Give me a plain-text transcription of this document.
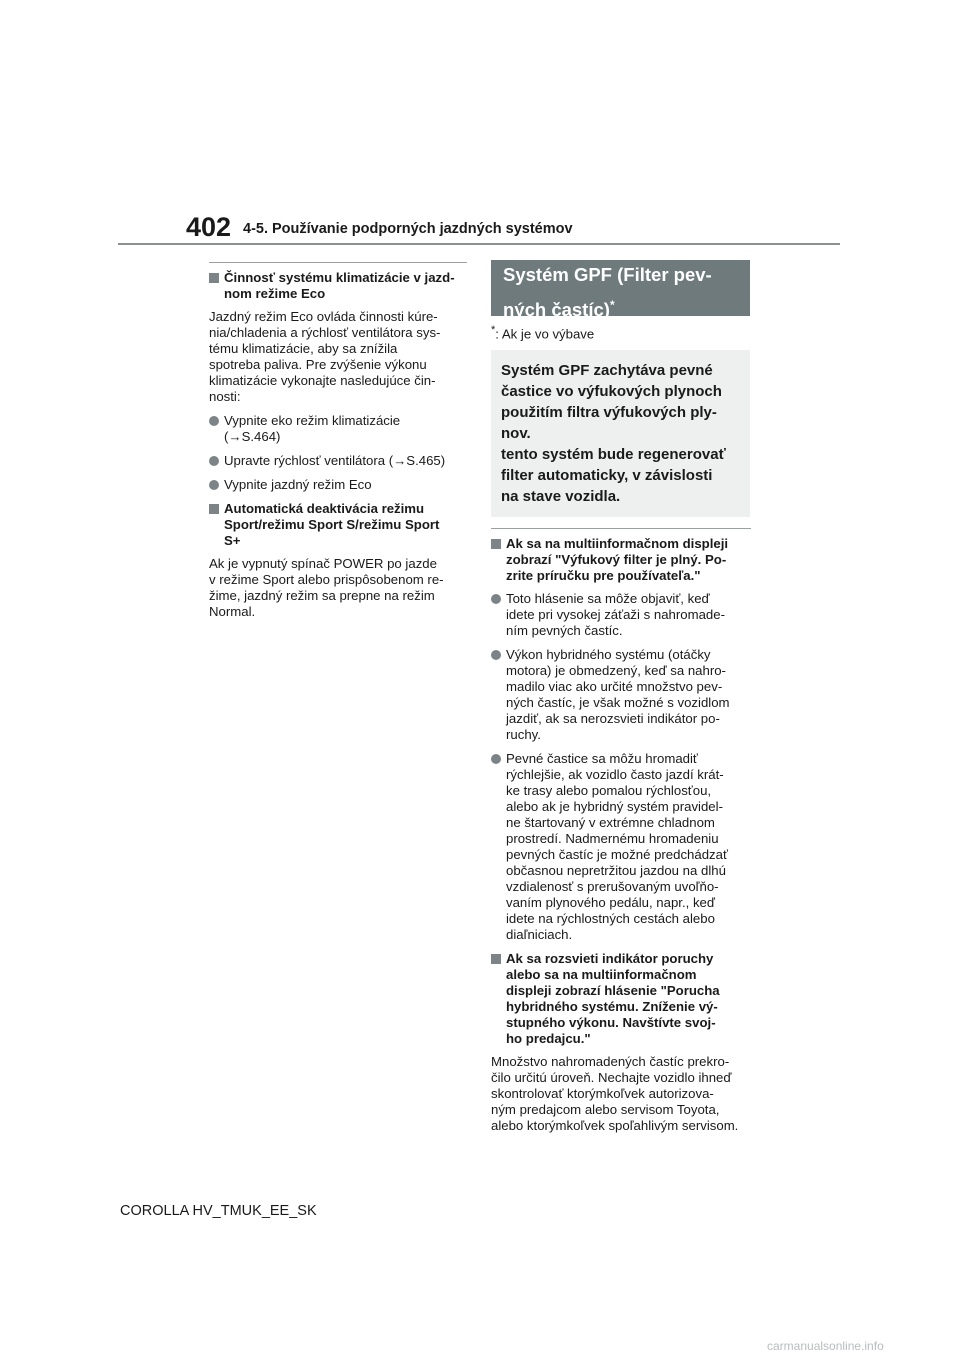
402 4-5. Používanie podporných jazdných systémov
Činnosť systému klimatizácie v jazd-
nom režime Eco

Jazdný režim Eco ovláda činnosti kúre-
nia/chladenia a rýchlosť ventilátora sys-
tému klimatizácie, aby sa znížila
spotreba paliva. Pre zvýšenie výkonu
klimatizácie vykonajte nasledujúce čin-
nosti:

Vypnite eko režim klimatizácie
(→S.464)
Upravte rýchlosť ventilátora (→S.465)
Vypnite jazdný režim Eco
Automatická deaktivácia režimu
Sport/režimu Sport S/režimu Sport
S+

Ak je vypnutý spínač POWER po jazde
v režime Sport alebo prispôsobenom re-
žime, jazdný režim sa prepne na režim
Normal.

Systém GPF (Filter pev-
ných častíc)*
*: Ak je vo výbave
Systém GPF zachytáva pevné
častice vo výfukových plynoch
použitím filtra výfukových ply-
nov.
tento systém bude regenerovať
filter automaticky, v závislosti
na stave vozidla.
Ak sa na multiinformačnom displeji
zobrazí "Výfukový filter je plný. Po-
zrite príručku pre používateľa."
Toto hlásenie sa môže objaviť, keď
idete pri vysokej záťaži s nahromade-
ním pevných častíc.
Výkon hybridného systému (otáčky
motora) je obmedzený, keď sa nahro-
madilo viac ako určité množstvo pev-
ných častíc, je však možné s vozidlom
jazdiť, ak sa nerozsvieti indikátor po-
ruchy.
Pevné častice sa môžu hromadiť
rýchlejšie, ak vozidlo často jazdí krát-
ke trasy alebo pomalou rýchlosťou,
alebo ak je hybridný systém pravidel-
ne štartovaný v extrémne chladnom
prostredí. Nadmernému hromadeniu
pevných častíc je možné predchádzať
občasnou nepretržitou jazdou na dlhú
vzdialenosť s prerušovaným uvoľňo-
vaním plynového pedálu, napr., keď
idete na rýchlostných cestách alebo
diaľniciach.
Ak sa rozsvieti indikátor poruchy
alebo sa na multiinformačnom
displeji zobrazí hlásenie "Porucha
hybridného systému. Zníženie vý-
stupného výkonu. Navštívte svoj-
ho predajcu."

Množstvo nahromadených častíc prekro-
čilo určitú úroveň. Nechajte vozidlo ihneď
skontrolovať ktorýmkoľvek autorizova-
ným predajcom alebo servisom Toyota,
alebo ktorýmkoľvek spoľahlivým servisom.

COROLLA HV_TMUK_EE_SK
carmanualsonline.info
